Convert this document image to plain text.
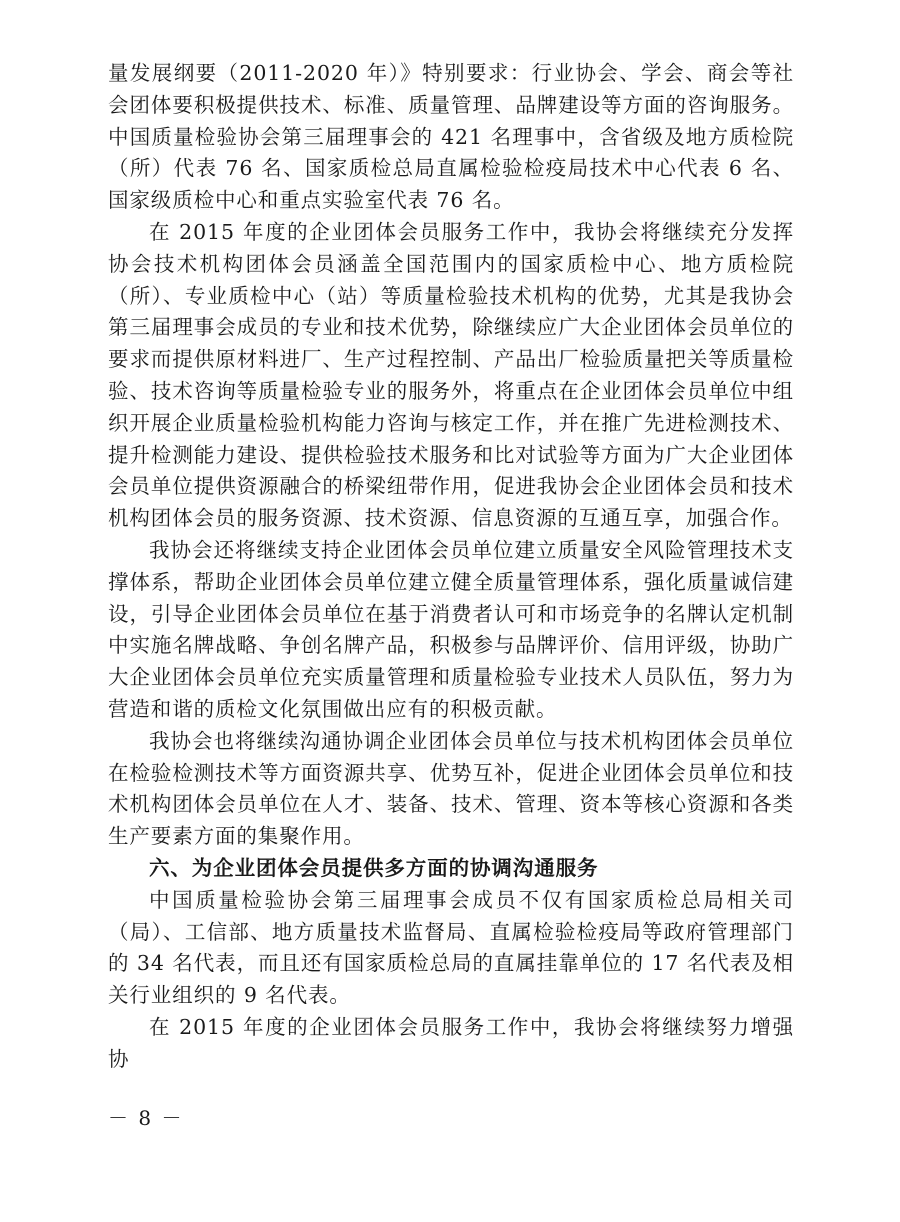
量发展纲要（2011-2020 年）》特别要求：行业协会、学会、商会等社会团体要积极提供技术、标准、质量管理、品牌建设等方面的咨询服务。中国质量检验协会第三届理事会的 421 名理事中，含省级及地方质检院（所）代表 76 名、国家质检总局直属检验检疫局技术中心代表 6 名、国家级质检中心和重点实验室代表 76 名。

在 2015 年度的企业团体会员服务工作中，我协会将继续充分发挥协会技术机构团体会员涵盖全国范围内的国家质检中心、地方质检院（所）、专业质检中心（站）等质量检验技术机构的优势，尤其是我协会第三届理事会成员的专业和技术优势，除继续应广大企业团体会员单位的要求而提供原材料进厂、生产过程控制、产品出厂检验质量把关等质量检验、技术咨询等质量检验专业的服务外，将重点在企业团体会员单位中组织开展企业质量检验机构能力咨询与核定工作，并在推广先进检测技术、提升检测能力建设、提供检验技术服务和比对试验等方面为广大企业团体会员单位提供资源融合的桥梁纽带作用，促进我协会企业团体会员和技术机构团体会员的服务资源、技术资源、信息资源的互通互享，加强合作。

我协会还将继续支持企业团体会员单位建立质量安全风险管理技术支撑体系，帮助企业团体会员单位建立健全质量管理体系，强化质量诚信建设，引导企业团体会员单位在基于消费者认可和市场竞争的名牌认定机制中实施名牌战略、争创名牌产品，积极参与品牌评价、信用评级，协助广大企业团体会员单位充实质量管理和质量检验专业技术人员队伍，努力为营造和谐的质检文化氛围做出应有的积极贡献。

我协会也将继续沟通协调企业团体会员单位与技术机构团体会员单位在检验检测技术等方面资源共享、优势互补，促进企业团体会员单位和技术机构团体会员单位在人才、装备、技术、管理、资本等核心资源和各类生产要素方面的集聚作用。

六、为企业团体会员提供多方面的协调沟通服务

中国质量检验协会第三届理事会成员不仅有国家质检总局相关司（局）、工信部、地方质量技术监督局、直属检验检疫局等政府管理部门的 34 名代表，而且还有国家质检总局的直属挂靠单位的 17 名代表及相关行业组织的 9 名代表。

在 2015 年度的企业团体会员服务工作中，我协会将继续努力增强协

－ 8 －
